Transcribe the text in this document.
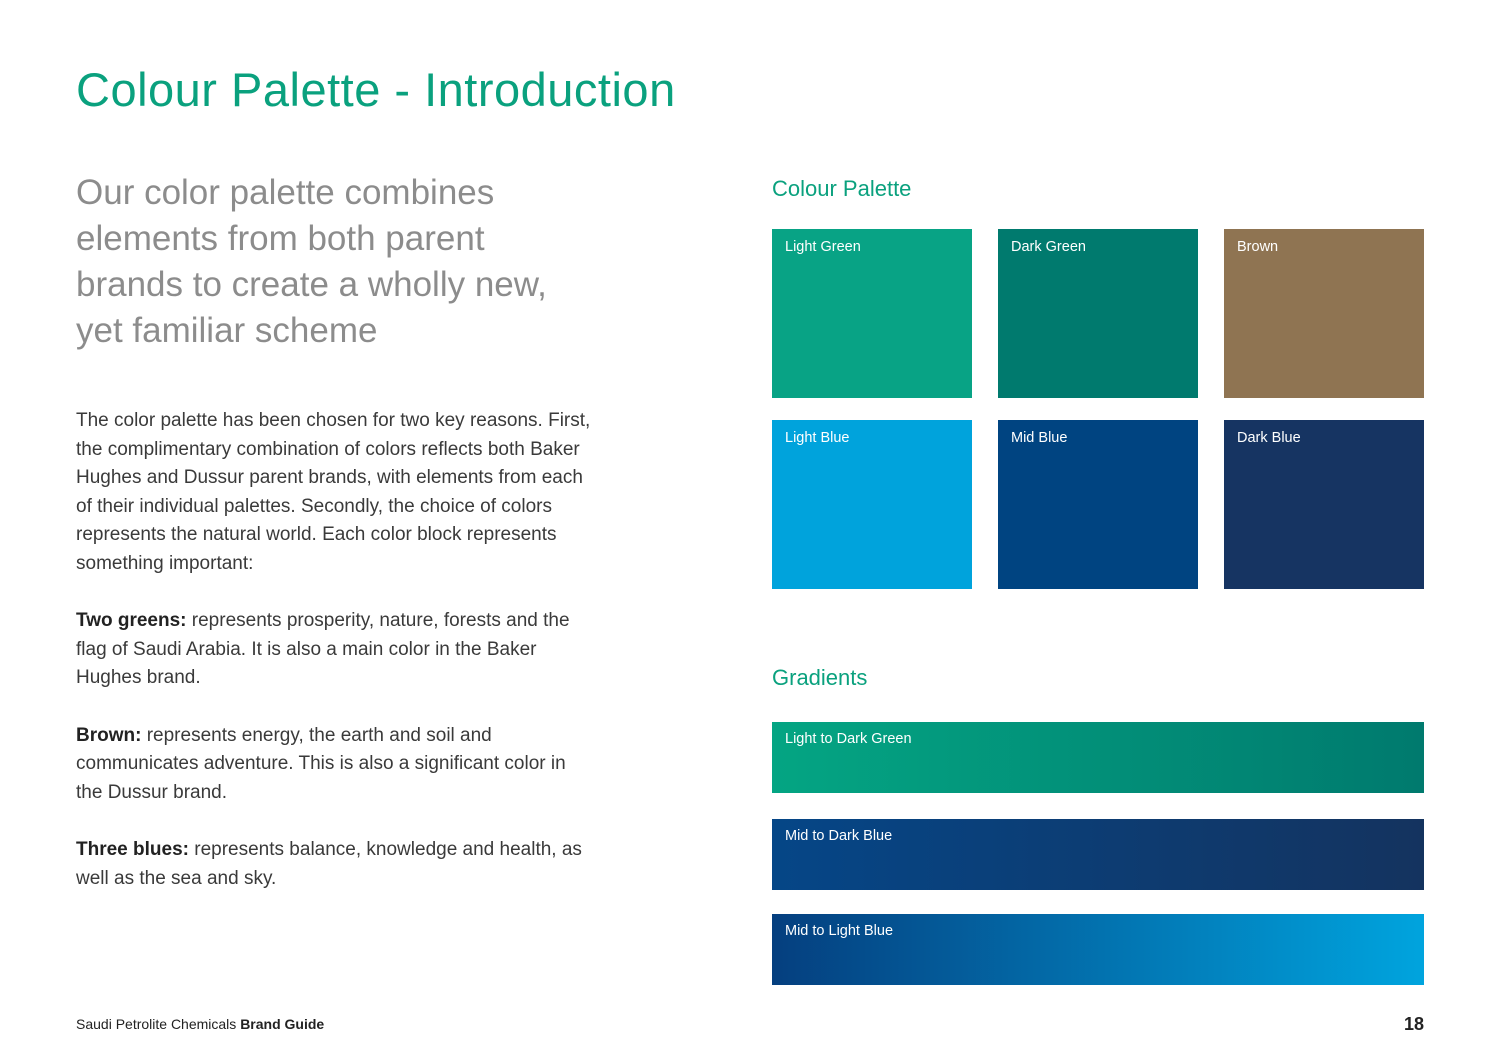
Colour Palette - Introduction
Our color palette combines elements from both parent brands to create a wholly new, yet familiar scheme

The color palette has been chosen for two key reasons. First, the complimentary combination of colors reflects both Baker Hughes and Dussur parent brands, with elements from each of their individual palettes. Secondly, the choice of colors represents the natural world. Each color block represents something important:

Two greens: represents prosperity, nature, forests and the flag of Saudi Arabia. It is also a main color in the Baker Hughes brand.

Brown: represents energy, the earth and soil and communicates adventure. This is also a significant color in the Dussur brand.

Three blues: represents balance, knowledge and health, as well as the sea and sky.

Colour Palette
Light Green	Dark Green	Brown
Light Blue	Mid Blue	Dark Blue
Gradients
Light to Dark Green
Mid to Dark Blue
Mid to Light Blue
Saudi Petrolite Chemicals Brand Guide	18
